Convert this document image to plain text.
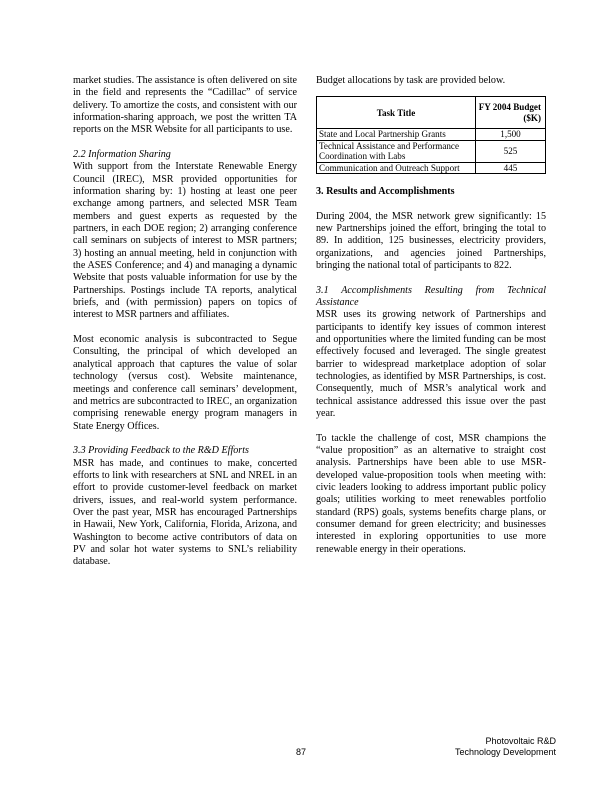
market studies. The assistance is often delivered on site in the field and represents the “Cadillac” of service delivery. To amortize the costs, and consistent with our information-sharing approach, we post the written TA reports on the MSR Website for all participants to use.

2.2 Information Sharing

With support from the Interstate Renewable Energy Council (IREC), MSR provided opportunities for information sharing by: 1) hosting at least one peer exchange among partners, and selected MSR Team members and guest experts as requested by the partners, in each DOE region; 2) arranging conference call seminars on subjects of interest to MSR partners; 3) hosting an annual meeting, held in conjunction with the ASES Conference; and 4) and managing a dynamic Website that posts valuable information for use by the Partnerships. Postings include TA reports, analytical briefs, and (with permission) papers on topics of interest to MSR partners and affiliates.

Most economic analysis is subcontracted to Segue Consulting, the principal of which developed an analytical approach that captures the value of solar technology (versus cost). Website maintenance, meetings and conference call seminars’ development, and metrics are subcontracted to IREC, an organization comprising renewable energy program managers in State Energy Offices.

3.3 Providing Feedback to the R&D Efforts

MSR has made, and continues to make, concerted efforts to link with researchers at SNL and NREL in an effort to provide customer-level feedback on market drivers, issues, and real-world system performance. Over the past year, MSR has encouraged Partnerships in Hawaii, New York, California, Florida, Arizona, and Washington to become active contributors of data on PV and solar hot water systems to SNL’s reliability database.

Budget allocations by task are provided below.

Task Title	FY 2004 Budget ($K)
State and Local Partnership Grants	1,500
Technical Assistance and Performance Coordination with Labs	525
Communication and Outreach Support	445

3. Results and Accomplishments

During 2004, the MSR network grew significantly: 15 new Partnerships joined the effort, bringing the total to 89. In addition, 125 businesses, electricity providers, organizations, and agencies joined Partnerships, bringing the national total of participants to 822.

3.1 Accomplishments Resulting from Technical Assistance

MSR uses its growing network of Partnerships and participants to identify key issues of common interest and opportunities where the limited funding can be most effectively focused and leveraged. The single greatest barrier to widespread marketplace adoption of solar technologies, as identified by MSR Partnerships, is cost. Consequently, much of MSR’s analytical work and technical assistance addressed this issue over the past year.

To tackle the challenge of cost, MSR champions the “value proposition” as an alternative to straight cost analysis. Partnerships have been able to use MSR-developed value-proposition tools when meeting with: civic leaders looking to address important public policy goals; utilities working to meet renewables portfolio standard (RPS) goals, systems benefits charge plans, or consumer demand for green electricity; and businesses interested in exploring opportunities to use more renewable energy in their operations.

87
Photovoltaic R&D
Technology Development
